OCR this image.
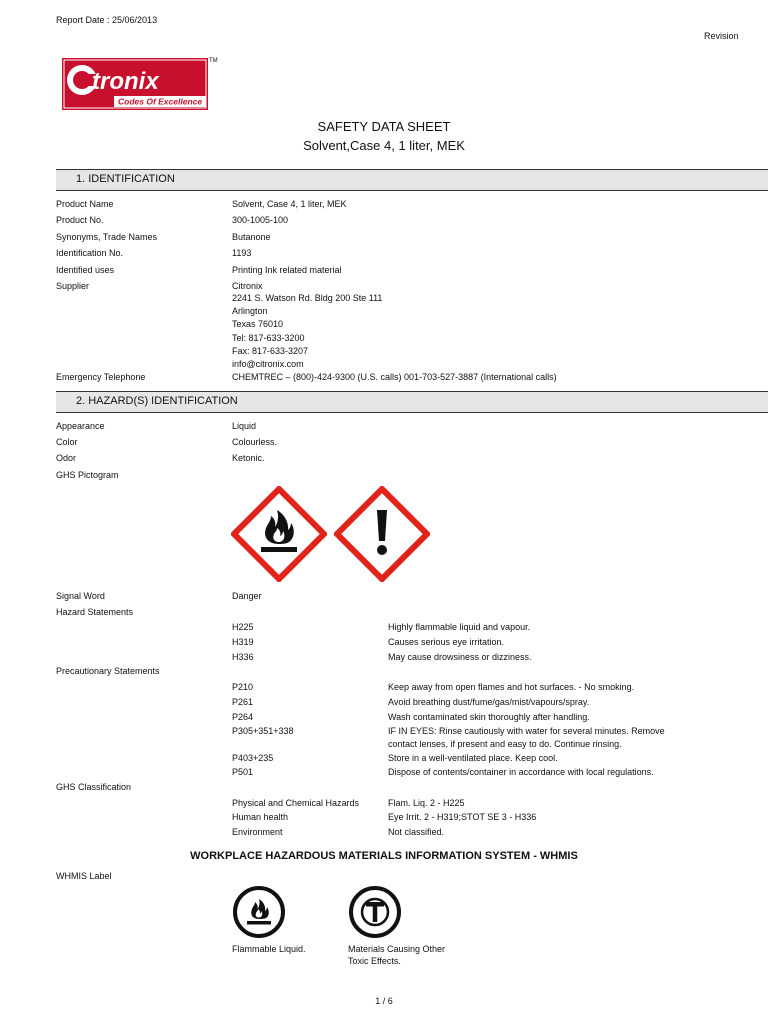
Report Date : 25/06/2013
Revision
tronix
Codes Of Excellence
TM
SAFETY DATA SHEET
Solvent,Case 4, 1 liter, MEK
1. IDENTIFICATION
Product Name	Solvent, Case 4, 1 liter, MEK
Product No.	300-1005-100
Synonyms, Trade Names	Butanone
Identification No.	1193
Identified uses	Printing Ink related material
Supplier	Citronix
2241 S. Watson Rd. Bldg 200 Ste 111
Arlington
Texas 76010
Tel: 817-633-3200
Fax: 817-633-3207
info@citronix.com
Emergency Telephone	CHEMTREC – (800)-424-9300 (U.S. calls) 001-703-527-3887 (International calls)
2. HAZARD(S) IDENTIFICATION
Appearance	Liquid
Color	Colourless.
Odor	Ketonic.
GHS Pictogram
Signal Word	Danger
Hazard Statements
H225	Highly flammable liquid and vapour.
H319	Causes serious eye irritation.
H336	May cause drowsiness or dizziness.
Precautionary Statements
P210	Keep away from open flames and hot surfaces. - No smoking.
P261	Avoid breathing dust/fume/gas/mist/vapours/spray.
P264	Wash contaminated skin thoroughly after handling.
P305+351+338	IF IN EYES: Rinse cautiously with water for several minutes. Remove
contact lenses, if present and easy to do. Continue rinsing.
P403+235	Store in a well-ventilated place. Keep cool.
P501	Dispose of contents/container in accordance with local regulations.
GHS Classification
Physical and Chemical Hazards	Flam. Liq. 2 - H225
Human health	Eye Irrit. 2 - H319;STOT SE 3 - H336
Environment	Not classified.
WORKPLACE HAZARDOUS MATERIALS INFORMATION SYSTEM - WHMIS
WHMIS Label
Flammable Liquid.	Materials Causing Other
Toxic Effects.
1 / 6
